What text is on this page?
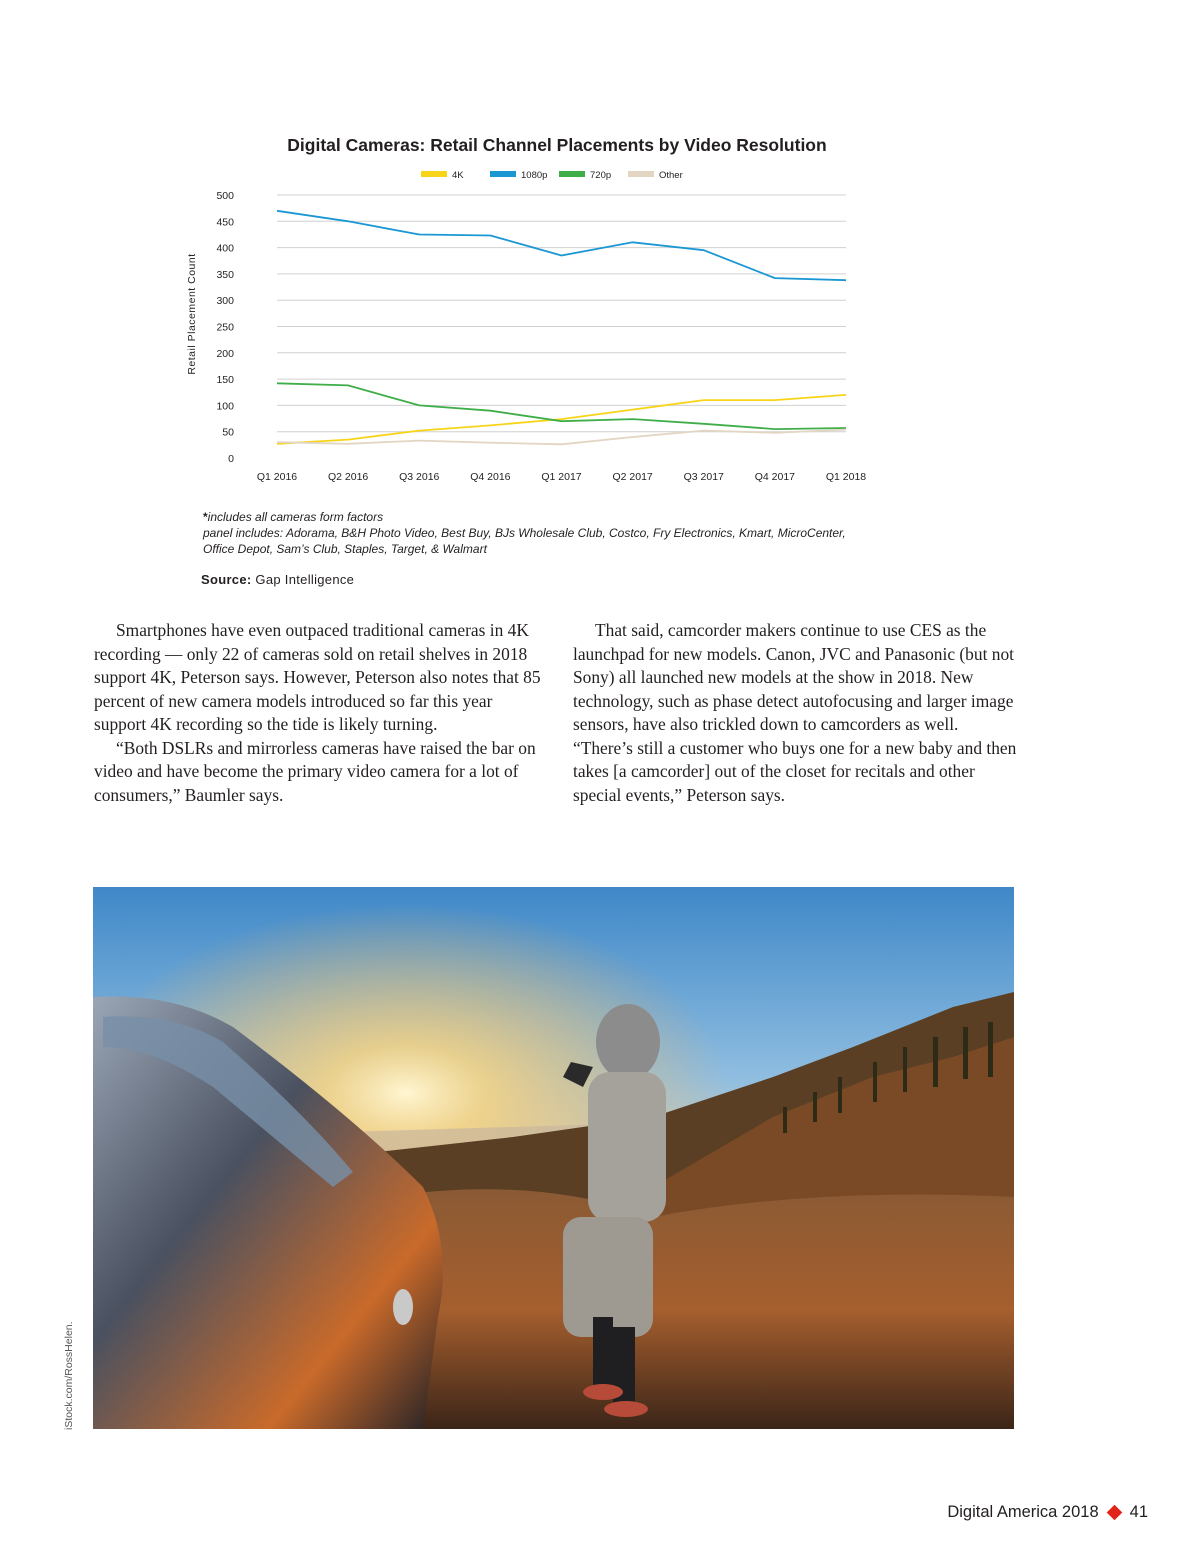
Digital Cameras: Retail Channel Placements by Video Resolution
4K	1080p	720p	Other
0
50
100
150
200
250
300
350
400
450
500
Q1 2016	Q2 2016	Q3 2016	Q4 2016	Q1 2017	Q2 2017	Q3 2017	Q4 2017	Q1 2018
Retail Placement Count
*includes all cameras form factors
panel includes: Adorama, B&H Photo Video, Best Buy, BJs Wholesale Club, Costco, Fry Electronics, Kmart, MicroCenter,
Office Depot, Sam’s Club, Staples, Target, & Walmart
Source: Gap Intelligence

Smartphones have even outpaced traditional cameras in 4K recording — only 22 of cameras sold on retail shelves in 2018 support 4K, Peterson says. However, Peterson also notes that 85 percent of new camera models introduced so far this year support 4K recording so the tide is likely turning.

“Both DSLRs and mirrorless cameras have raised the bar on video and have become the primary video camera for a lot of consumers,” Baumler says.

That said, camcorder makers continue to use CES as the launchpad for new models. Canon, JVC and Panasonic (but not Sony) all launched new models at the show in 2018. New technology, such as phase detect autofocusing and larger image sensors, have also trickled down to camcorders as well. “There’s still a customer who buys one for a new baby and then takes [a camcorder] out of the closet for recitals and other special events,” Peterson says.

iStock.com/RossHelen.
Digital America 2018 41
